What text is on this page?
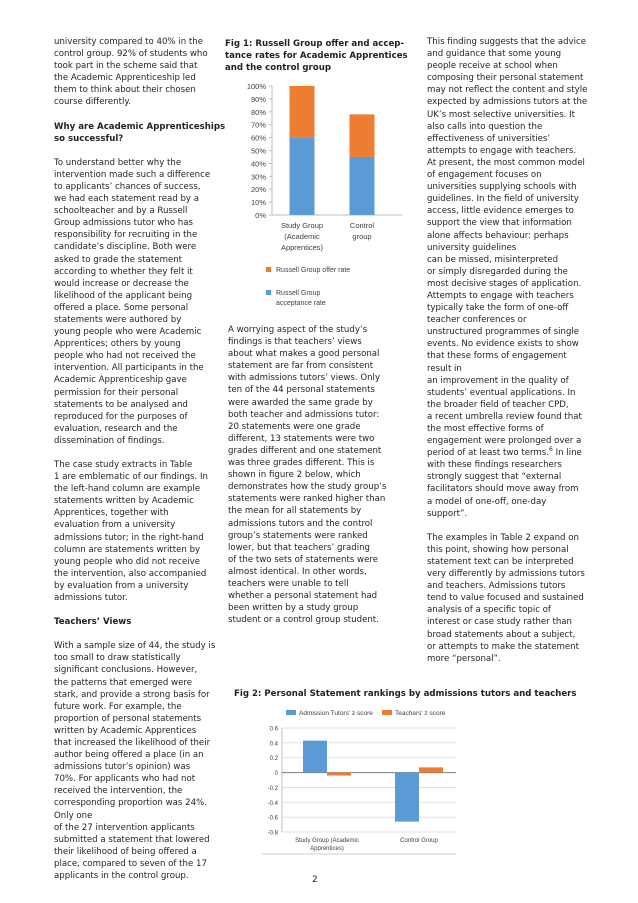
university compared to 40% in the
control group. 92% of students who
took part in the scheme said that
the Academic Apprenticeship led
them to think about their chosen
course differently.

Why are Academic Apprenticeships
so successful?

To understand better why the
intervention made such a difference
to applicants’ chances of success,
we had each statement read by a
schoolteacher and by a Russell
Group admissions tutor who has
responsibility for recruiting in the
candidate’s discipline. Both were
asked to grade the statement
according to whether they felt it
would increase or decrease the
likelihood of the applicant being
offered a place. Some personal
statements were authored by
young people who were Academic
Apprentices; others by young
people who had not received the
intervention. All participants in the
Academic Apprenticeship gave
permission for their personal
statements to be analysed and
reproduced for the purposes of
evaluation, research and the
dissemination of findings.

The case study extracts in Table
1 are emblematic of our findings. In
the left-hand column are example
statements written by Academic
Apprentices, together with
evaluation from a university
admissions tutor; in the right-hand
column are statements written by
young people who did not receive
the intervention, also accompanied
by evaluation from a university
admissions tutor.

Teachers’ Views

With a sample size of 44, the study is
too small to draw statistically
significant conclusions. However,
the patterns that emerged were
stark, and provide a strong basis for
future work. For example, the
proportion of personal statements
written by Academic Apprentices
that increased the likelihood of their
author being offered a place (in an
admissions tutor’s opinion) was
70%. For applicants who had not
received the intervention, the
corresponding proportion was 24%.
Only one
of the 27 intervention applicants
submitted a statement that lowered
their likelihood of being offered a
place, compared to seven of the 17
applicants in the control group.

Fig 1: Russell Group offer and accep-
tance rates for Academic Apprentices
and the control group
0%
10%
20%
30%
40%
50%
60%
70%
80%
90%
100%
Study Group
(Academic
Apprentices)
Control
group
Russell Group offer rate
Russell Group
acceptance rate

A worrying aspect of the study’s
findings is that teachers’ views
about what makes a good personal
statement are far from consistent
with admissions tutors’ views. Only
ten of the 44 personal statements
were awarded the same grade by
both teacher and admissions tutor:
20 statements were one grade
different, 13 statements were two
grades different and one statement
was three grades different. This is
shown in figure 2 below, which
demonstrates how the study group’s
statements were ranked higher than
the mean for all statements by
admissions tutors and the control
group’s statements were ranked
lower, but that teachers’ grading
of the two sets of statements were
almost identical. In other words,
teachers were unable to tell
whether a personal statement had
been written by a study group
student or a control group student.

This finding suggests that the advice
and guidance that some young
people receive at school when
composing their personal statement
may not reflect the content and style
expected by admissions tutors at the
UK’s most selective universities. It
also calls into question the
effectiveness of universities’
attempts to engage with teachers.
At present, the most common model
of engagement focuses on
universities supplying schools with
guidelines. In the field of university
access, little evidence emerges to
support the view that information
alone affects behaviour: perhaps
university guidelines
can be missed, misinterpreted
or simply disregarded during the
most decisive stages of application.
Attempts to engage with teachers
typically take the form of one-off
teacher conferences or
unstructured programmes of single
events. No evidence exists to show
that these forms of engagement
result in
an improvement in the quality of
students’ eventual applications. In
the broader field of teacher CPD,
a recent umbrella review found that
the most effective forms of
engagement were prolonged over a
period of at least two terms.$^6$ In line
with these findings researchers
strongly suggest that “external
facilitators should move away from
a model of one-off, one-day
support”.

The examples in Table 2 expand on
this point, showing how personal
statement text can be interpreted
very differently by admissions tutors
and teachers. Admissions tutors
tend to value focused and sustained
analysis of a specific topic of
interest or case study rather than
broad statements about a subject,
or attempts to make the statement
more “personal”.

Fig 2: Personal Statement rankings by admissions tutors and teachers
0.6
0.4
0.2
0
-0.2
-0.4
-0.6
-0.8
Study Group (Academic
Apprentices)
Control Group
Admission Tutors' z score	Teachers' z score
2
